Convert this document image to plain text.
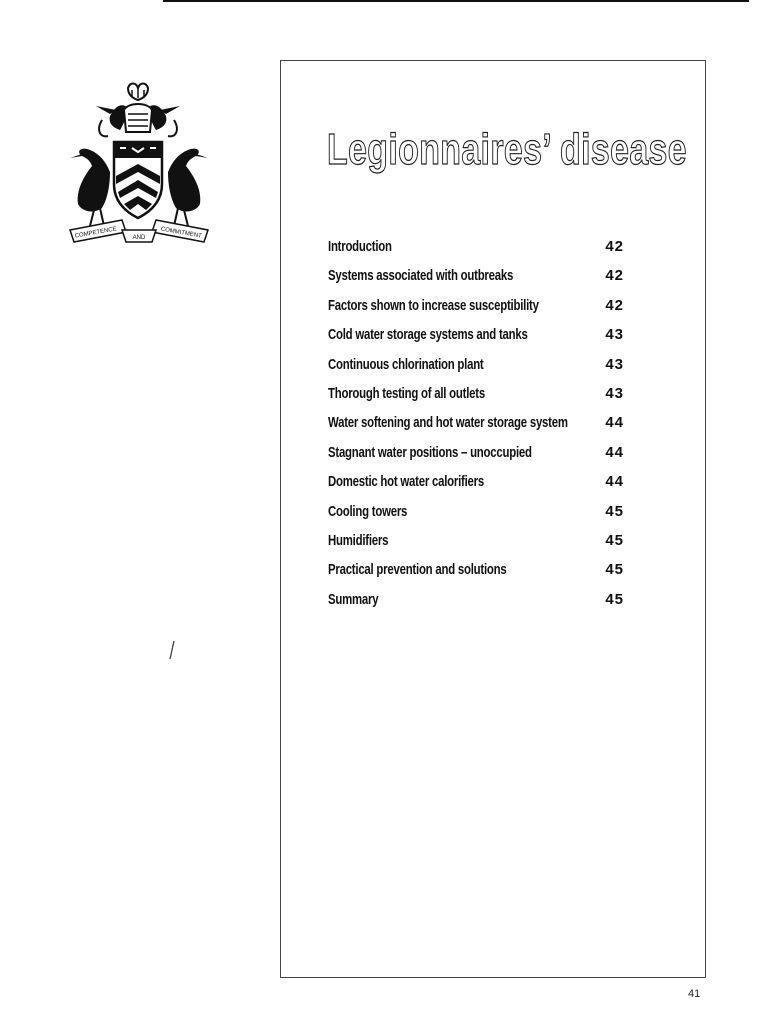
COMPETENCE	AND COMMITMENT
Legionnaires’ disease
Introduction	42
Systems associated with outbreaks	42
Factors shown to increase susceptibility	42
Cold water storage systems and tanks	43
Continuous chlorination plant	43
Thorough testing of all outlets	43
Water softening and hot water storage system	44
Stagnant water positions – unoccupied	44
Domestic hot water calorifiers	44
Cooling towers	45
Humidifiers	45
Practical prevention and solutions	45
Summary	45
41
